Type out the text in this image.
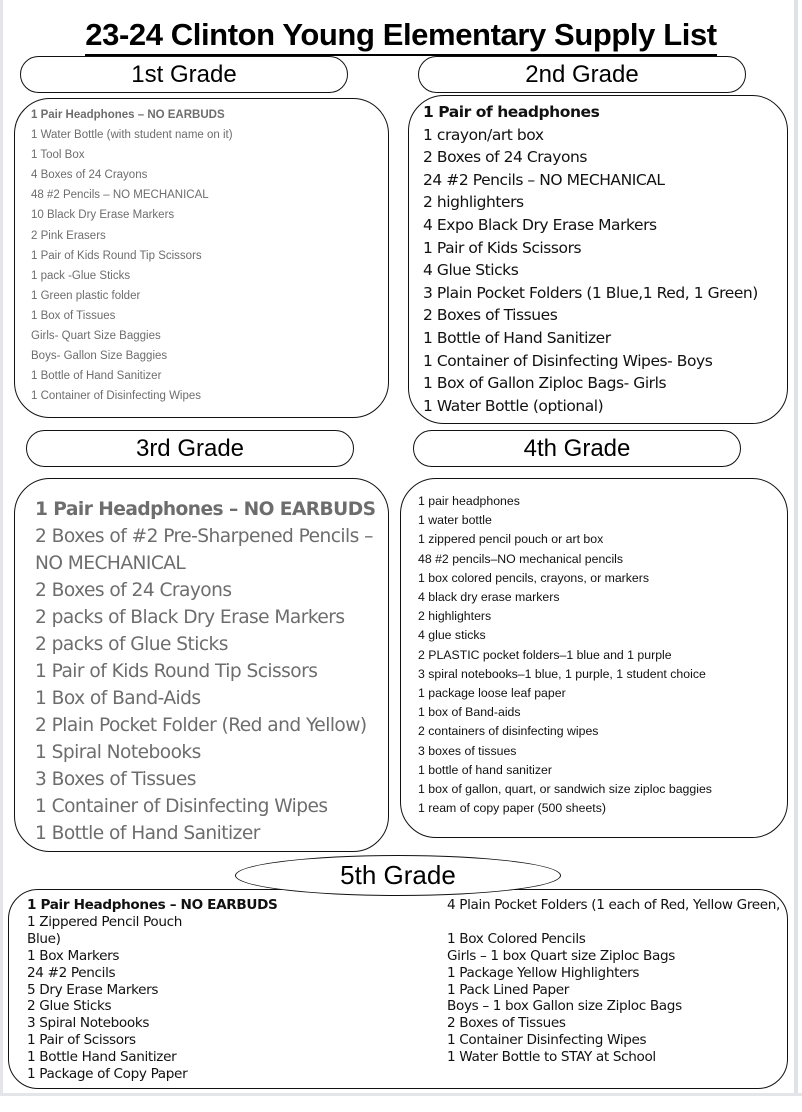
23-24 Clinton Young Elementary Supply List
1st Grade
1 Pair Headphones – NO EARBUDS
1 Water Bottle (with student name on it)
1 Tool Box
4 Boxes of 24 Crayons
48 #2 Pencils – NO MECHANICAL
10 Black Dry Erase Markers
2 Pink Erasers
1 Pair of Kids Round Tip Scissors
1 pack -Glue Sticks
1 Green plastic folder
1 Box of Tissues
Girls- Quart Size Baggies
Boys- Gallon Size Baggies
1 Bottle of Hand Sanitizer
1 Container of Disinfecting Wipes
2nd Grade
1 Pair of headphones
1 crayon/art box
2 Boxes of 24 Crayons
24 #2 Pencils – NO MECHANICAL
2 highlighters
4 Expo Black Dry Erase Markers
1 Pair of Kids Scissors
4 Glue Sticks
3 Plain Pocket Folders (1 Blue,1 Red, 1 Green)
2 Boxes of Tissues
1 Bottle of Hand Sanitizer
1 Container of Disinfecting Wipes- Boys
1 Box of Gallon Ziploc Bags- Girls
1 Water Bottle (optional)
3rd Grade
1 Pair Headphones – NO EARBUDS
2 Boxes of #2 Pre-Sharpened Pencils –
NO MECHANICAL
2 Boxes of 24 Crayons
2 packs of Black Dry Erase Markers
2 packs of Glue Sticks
1 Pair of Kids Round Tip Scissors
1 Box of Band-Aids
2 Plain Pocket Folder (Red and Yellow)
1 Spiral Notebooks
3 Boxes of Tissues
1 Container of Disinfecting Wipes
1 Bottle of Hand Sanitizer
4th Grade
1 pair headphones
1 water bottle
1 zippered pencil pouch or art box
48 #2 pencils–NO mechanical pencils
1 box colored pencils, crayons, or markers
4 black dry erase markers
2 highlighters
4 glue sticks
2 PLASTIC pocket folders–1 blue and 1 purple
3 spiral notebooks–1 blue, 1 purple, 1 student choice
1 package loose leaf paper
1 box of Band-aids
2 containers of disinfecting wipes
3 boxes of tissues
1 bottle of hand sanitizer
1 box of gallon, quart, or sandwich size ziploc baggies
1 ream of copy paper (500 sheets)
5th Grade
1 Pair Headphones – NO EARBUDS
1 Zippered Pencil Pouch
Blue)
1 Box Markers
24 #2 Pencils
5 Dry Erase Markers
2 Glue Sticks
3 Spiral Notebooks
1 Pair of Scissors
1 Bottle Hand Sanitizer
1 Package of Copy Paper
4 Plain Pocket Folders (1 each of Red, Yellow Green,

1 Box Colored Pencils
Girls – 1 box Quart size Ziploc Bags
1 Package Yellow Highlighters
1 Pack Lined Paper
Boys – 1 box Gallon size Ziploc Bags
2 Boxes of Tissues
1 Container Disinfecting Wipes
1 Water Bottle to STAY at School
